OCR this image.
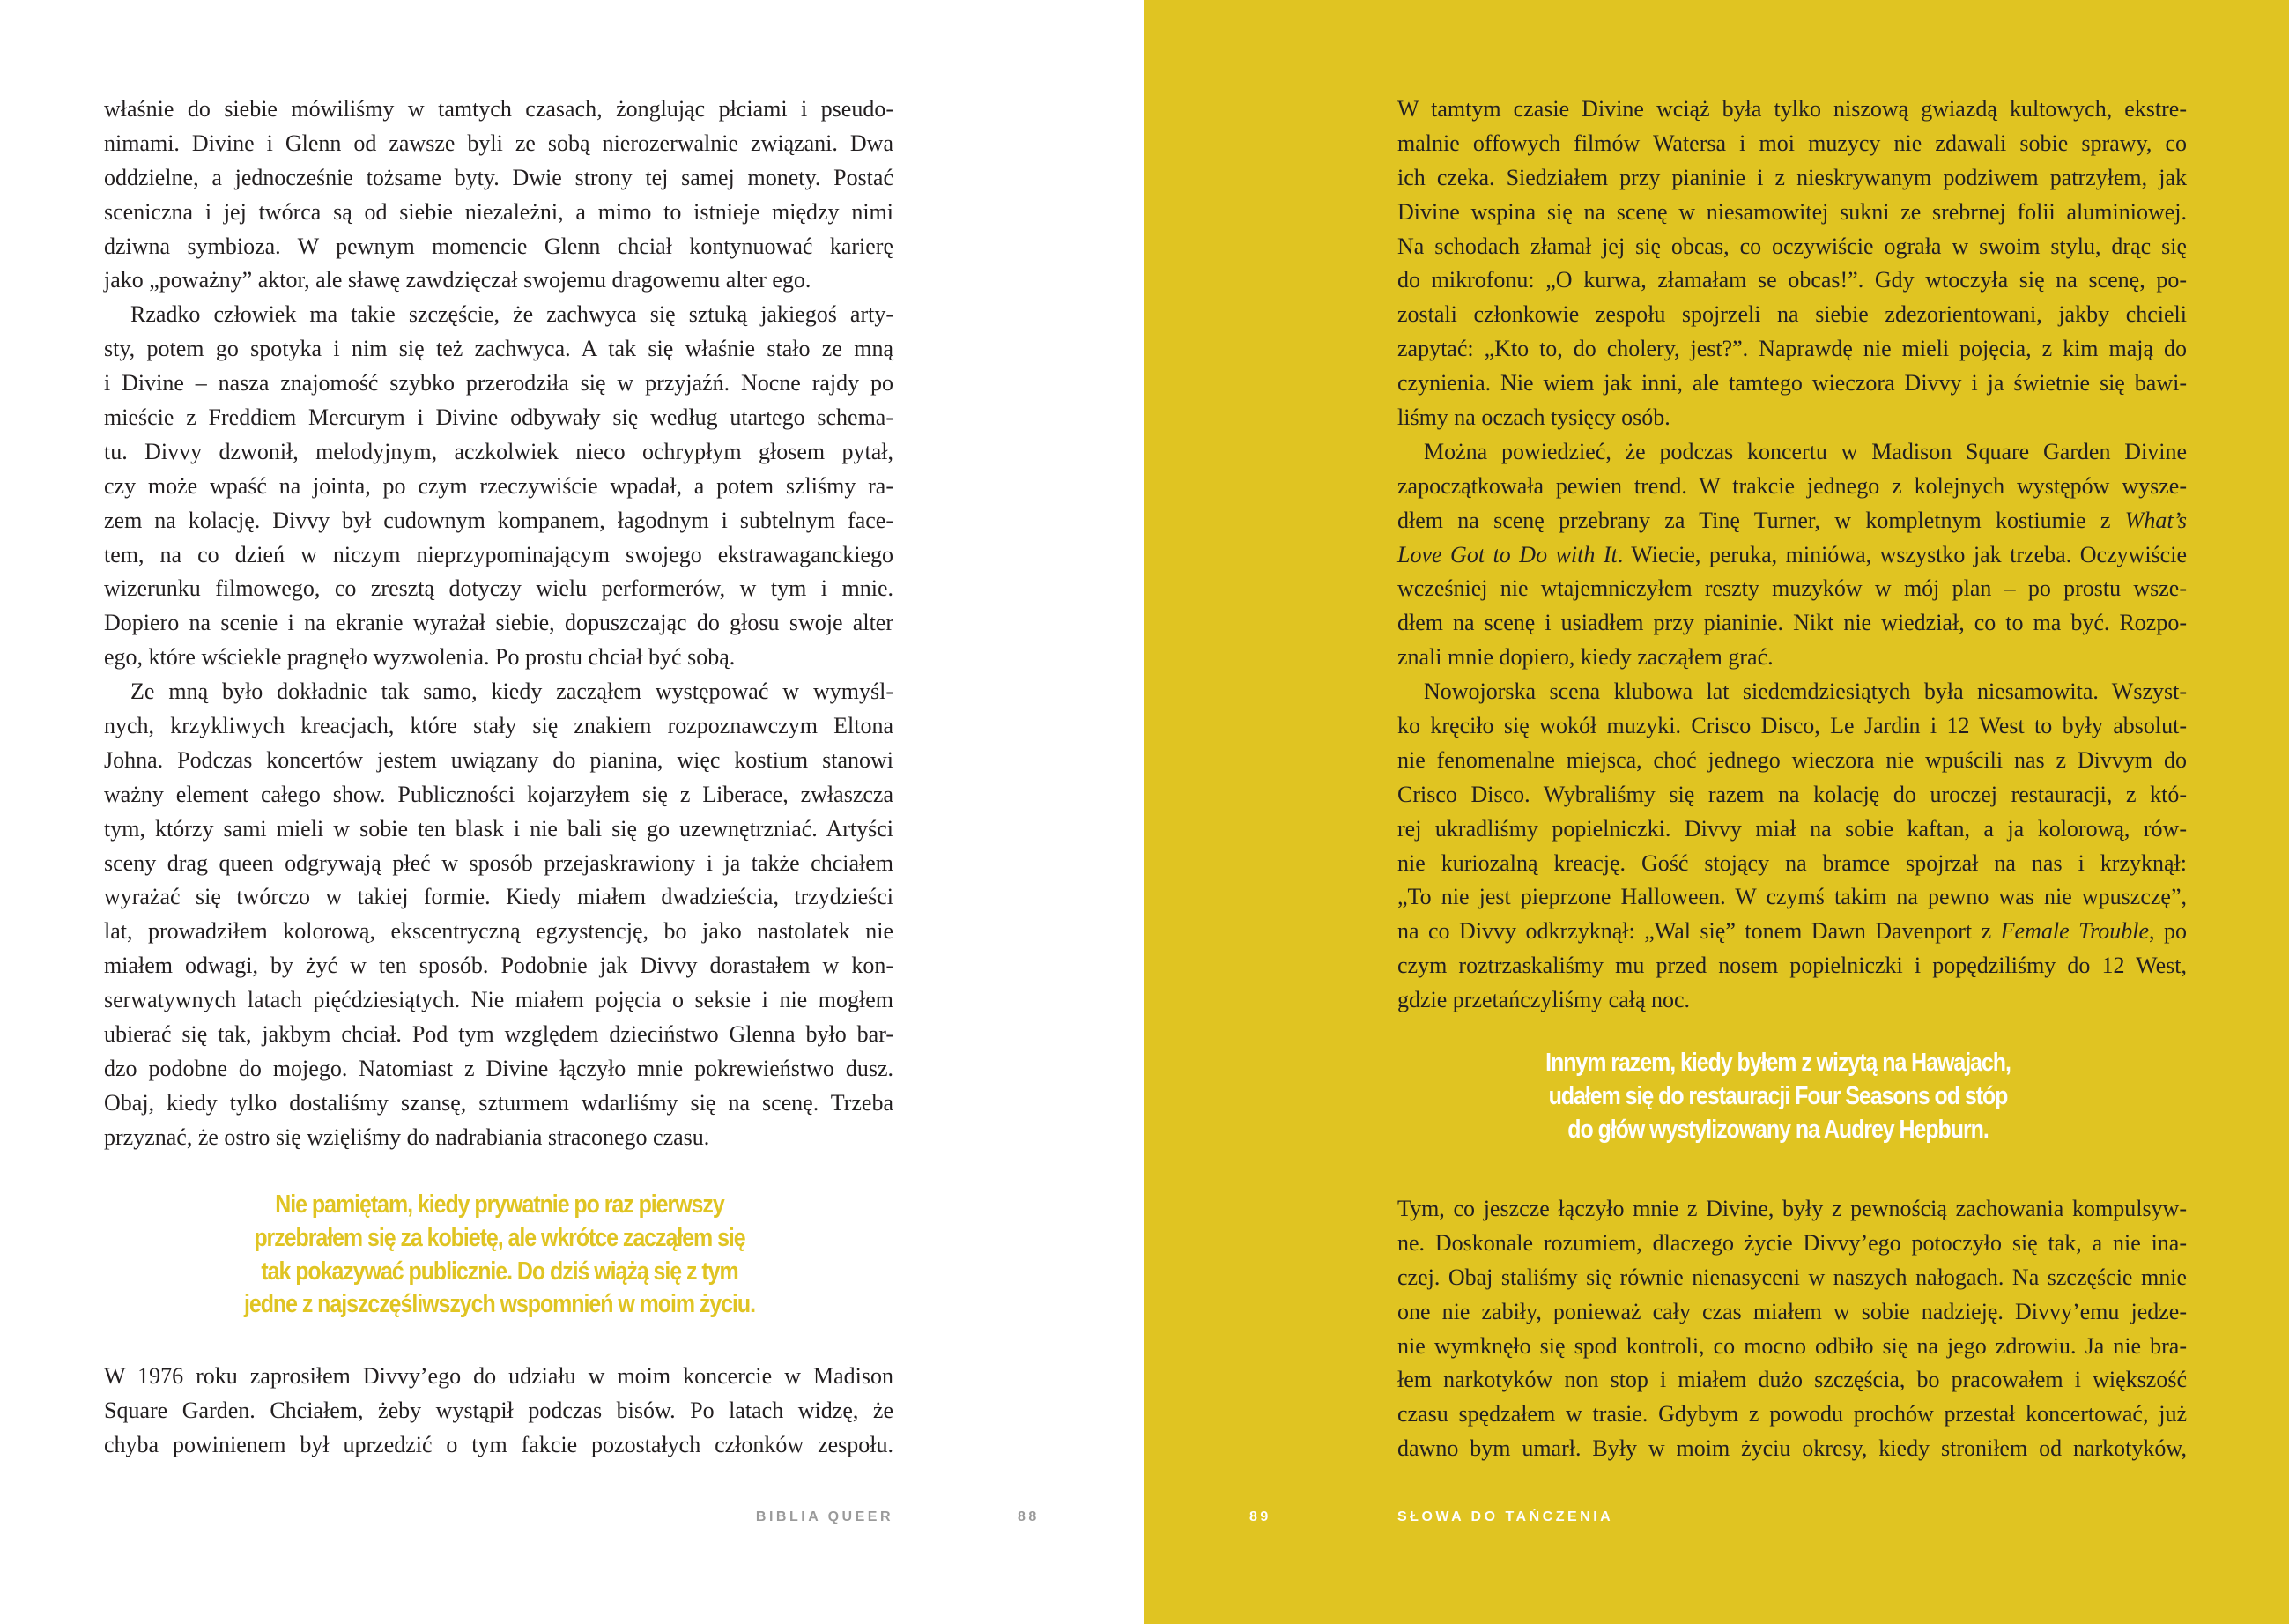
właśnie do siebie mówiliśmy w tamtych czasach, żonglując płciami i pseudo-
nimami. Divine i Glenn od zawsze byli ze sobą nierozerwalnie związani. Dwa
oddzielne, a jednocześnie tożsame byty. Dwie strony tej samej monety. Postać
sceniczna i jej twórca są od siebie niezależni, a mimo to istnieje między nimi
dziwna symbioza. W pewnym momencie Glenn chciał kontynuować karierę
jako „poważny” aktor, ale sławę zawdzięczał swojemu dragowemu alter ego.
Rzadko człowiek ma takie szczęście, że zachwyca się sztuką jakiegoś arty-
sty, potem go spotyka i nim się też zachwyca. A tak się właśnie stało ze mną
i Divine – nasza znajomość szybko przerodziła się w przyjaźń. Nocne rajdy po
mieście z Freddiem Mercurym i Divine odbywały się według utartego schema-
tu. Divvy dzwonił, melodyjnym, aczkolwiek nieco ochrypłym głosem pytał,
czy może wpaść na jointa, po czym rzeczywiście wpadał, a potem szliśmy ra-
zem na kolację. Divvy był cudownym kompanem, łagodnym i subtelnym face-
tem, na co dzień w niczym nieprzypominającym swojego ekstrawaganckiego
wizerunku filmowego, co zresztą dotyczy wielu performerów, w tym i mnie.
Dopiero na scenie i na ekranie wyrażał siebie, dopuszczając do głosu swoje alter
ego, które wściekle pragnęło wyzwolenia. Po prostu chciał być sobą.
Ze mną było dokładnie tak samo, kiedy zacząłem występować w wymyśl-
nych, krzykliwych kreacjach, które stały się znakiem rozpoznawczym Eltona
Johna. Podczas koncertów jestem uwiązany do pianina, więc kostium stanowi
ważny element całego show. Publiczności kojarzyłem się z Liberace, zwłaszcza
tym, którzy sami mieli w sobie ten blask i nie bali się go uzewnętrzniać. Artyści
sceny drag queen odgrywają płeć w sposób przejaskrawiony i ja także chciałem
wyrażać się twórczo w takiej formie. Kiedy miałem dwadzieścia, trzydzieści
lat, prowadziłem kolorową, ekscentryczną egzystencję, bo jako nastolatek nie
miałem odwagi, by żyć w ten sposób. Podobnie jak Divvy dorastałem w kon-
serwatywnych latach pięćdziesiątych. Nie miałem pojęcia o seksie i nie mogłem
ubierać się tak, jakbym chciał. Pod tym względem dzieciństwo Glenna było bar-
dzo podobne do mojego. Natomiast z Divine łączyło mnie pokrewieństwo dusz.
Obaj, kiedy tylko dostaliśmy szansę, szturmem wdarliśmy się na scenę. Trzeba
przyznać, że ostro się wzięliśmy do nadrabiania straconego czasu.
Nie pamiętam, kiedy prywatnie po raz pierwszy
przebrałem się za kobietę, ale wkrótce zacząłem się
tak pokazywać publicznie. Do dziś wiążą się z tym
jedne z najszczęśliwszych wspomnień w moim życiu.
W 1976 roku zaprosiłem Divvy’ego do udziału w moim koncercie w Madison
Square Garden. Chciałem, żeby wystąpił podczas bisów. Po latach widzę, że
chyba powinienem był uprzedzić o tym fakcie pozostałych członków zespołu.
BIBLIA QUEER	88
W tamtym czasie Divine wciąż była tylko niszową gwiazdą kultowych, ekstre-
malnie offowych filmów Watersa i moi muzycy nie zdawali sobie sprawy, co
ich czeka. Siedziałem przy pianinie i z nieskrywanym podziwem patrzyłem, jak
Divine wspina się na scenę w niesamowitej sukni ze srebrnej folii aluminiowej.
Na schodach złamał jej się obcas, co oczywiście ograła w swoim stylu, drąc się
do mikrofonu: „O kurwa, złamałam se obcas!”. Gdy wtoczyła się na scenę, po-
zostali członkowie zespołu spojrzeli na siebie zdezorientowani, jakby chcieli
zapytać: „Kto to, do cholery, jest?”. Naprawdę nie mieli pojęcia, z kim mają do
czynienia. Nie wiem jak inni, ale tamtego wieczora Divvy i ja świetnie się bawi-
liśmy na oczach tysięcy osób.
Można powiedzieć, że podczas koncertu w Madison Square Garden Divine
zapoczątkowała pewien trend. W trakcie jednego z kolejnych występów wysze-
dłem na scenę przebrany za Tinę Turner, w kompletnym kostiumie z What’s
Love Got to Do with It. Wiecie, peruka, miniówa, wszystko jak trzeba. Oczywiście
wcześniej nie wtajemniczyłem reszty muzyków w mój plan – po prostu wsze-
dłem na scenę i usiadłem przy pianinie. Nikt nie wiedział, co to ma być. Rozpo-
znali mnie dopiero, kiedy zacząłem grać.
Nowojorska scena klubowa lat siedemdziesiątych była niesamowita. Wszyst-
ko kręciło się wokół muzyki. Crisco Disco, Le Jardin i 12 West to były absolut-
nie fenomenalne miejsca, choć jednego wieczora nie wpuścili nas z Divvym do
Crisco Disco. Wybraliśmy się razem na kolację do uroczej restauracji, z któ-
rej ukradliśmy popielniczki. Divvy miał na sobie kaftan, a ja kolorową, rów-
nie kuriozalną kreację. Gość stojący na bramce spojrzał na nas i krzyknął:
„To nie jest pieprzone Halloween. W czymś takim na pewno was nie wpuszczę”,
na co Divvy odkrzyknął: „Wal się” tonem Dawn Davenport z Female Trouble, po
czym roztrzaskaliśmy mu przed nosem popielniczki i popędziliśmy do 12 West,
gdzie przetańczyliśmy całą noc.
Innym razem, kiedy byłem z wizytą na Hawajach,
udałem się do restauracji Four Seasons od stóp
do głów wystylizowany na Audrey Hepburn.
Tym, co jeszcze łączyło mnie z Divine, były z pewnością zachowania kompulsyw-
ne. Doskonale rozumiem, dlaczego życie Divvy’ego potoczyło się tak, a nie ina-
czej. Obaj staliśmy się równie nienasyceni w naszych nałogach. Na szczęście mnie
one nie zabiły, ponieważ cały czas miałem w sobie nadzieję. Divvy’emu jedze-
nie wymknęło się spod kontroli, co mocno odbiło się na jego zdrowiu. Ja nie bra-
łem narkotyków non stop i miałem dużo szczęścia, bo pracowałem i większość
czasu spędzałem w trasie. Gdybym z powodu prochów przestał koncertować, już
dawno bym umarł. Były w moim życiu okresy, kiedy stroniłem od narkotyków,
89	SŁOWA DO TAŃCZENIA
